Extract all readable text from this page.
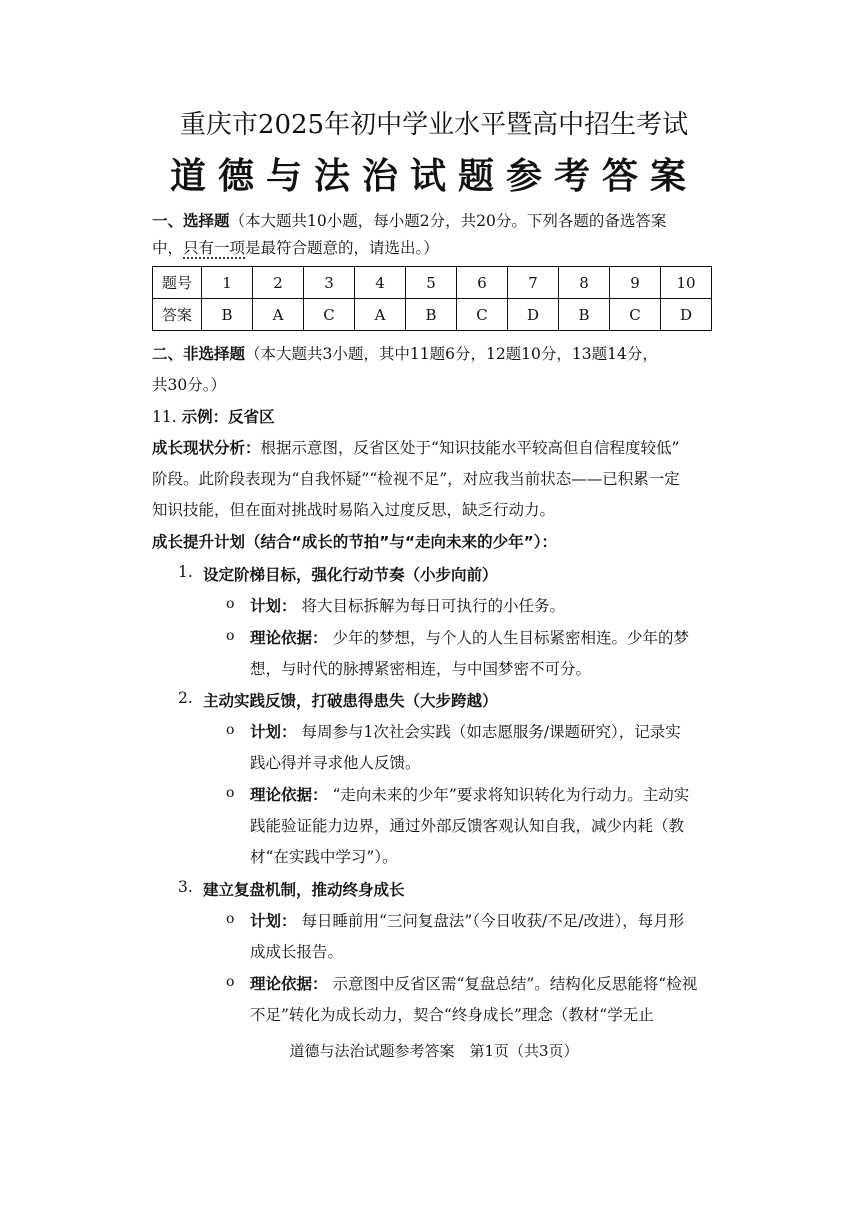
重庆市2025年初中学业水平暨高中招生考试
道德与法治试题参考答案
一、选择题（本大题共10小题，每小题2分，共20分。下列各题的备选答案
中，只有一项是最符合题意的，请选出。）
题号	1	2	3	4	5	6	7	8	9	10
答案	B	A	C	A	B	C	D	B	C	D
二、非选择题（本大题共3小题，其中11题6分，12题10分，13题14分，
共30分。）
11. 示例：反省区
成长现状分析：根据示意图，反省区处于“知识技能水平较高但自信程度较低”
阶段。此阶段表现为“自我怀疑”“检视不足”，对应我当前状态——已积累一定
知识技能，但在面对挑战时易陷入过度反思，缺乏行动力。
成长提升计划（结合“成长的节拍”与“走向未来的少年”）：
1. 设定阶梯目标，强化行动节奏（小步向前）
o 计划： 将大目标拆解为每日可执行的小任务。
o 理论依据： 少年的梦想，与个人的人生目标紧密相连。少年的梦
想，与时代的脉搏紧密相连，与中国梦密不可分。
2. 主动实践反馈，打破患得患失（大步跨越）
o 计划： 每周参与1次社会实践（如志愿服务/课题研究），记录实
践心得并寻求他人反馈。
o 理论依据： “走向未来的少年”要求将知识转化为行动力。主动实
践能验证能力边界，通过外部反馈客观认知自我，减少内耗（教
材“在实践中学习”）。
3. 建立复盘机制，推动终身成长
o 计划： 每日睡前用“三问复盘法”（今日收获/不足/改进），每月形
成成长报告。
o 理论依据： 示意图中反省区需“复盘总结”。结构化反思能将“检视
不足”转化为成长动力，契合“终身成长”理念（教材“学无止
道德与法治试题参考答案　第1页（共3页）
